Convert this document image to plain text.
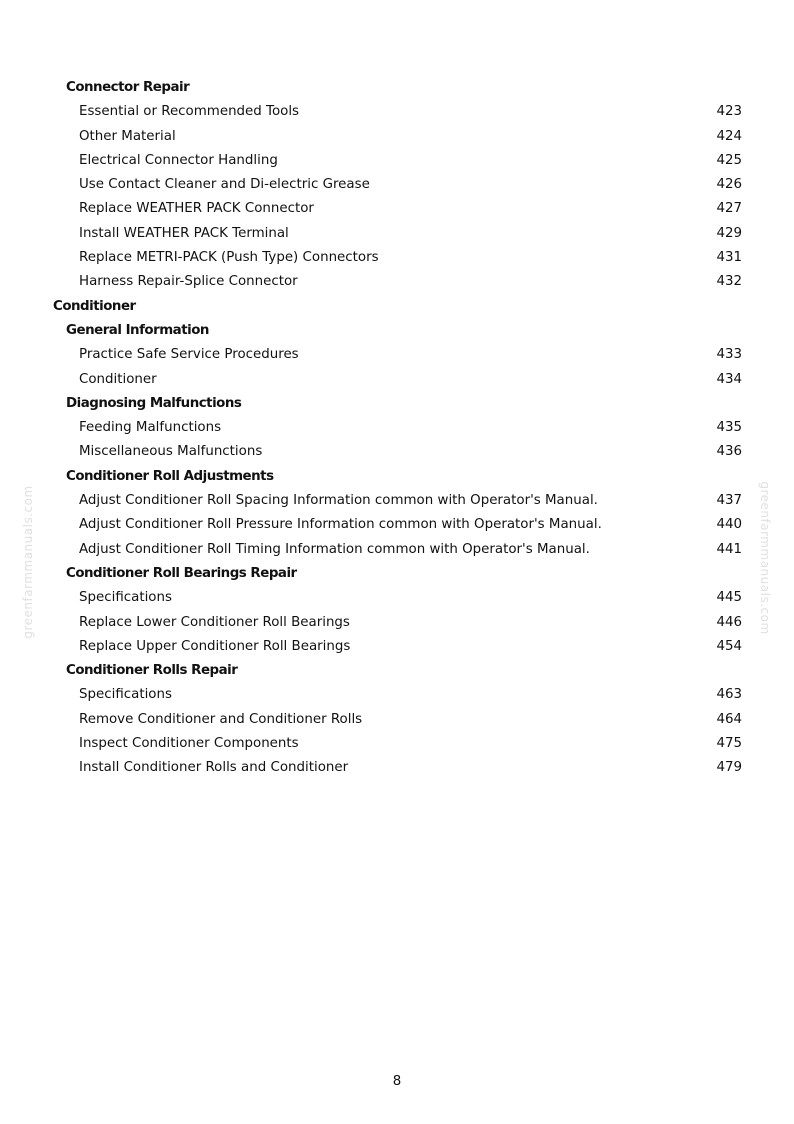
Connector Repair
Essential or Recommended Tools	423
Other Material	424
Electrical Connector Handling	425
Use Contact Cleaner and Di-electric Grease	426
Replace WEATHER PACK Connector	427
Install WEATHER PACK Terminal	429
Replace METRI-PACK (Push Type) Connectors	431
Harness Repair-Splice Connector	432
Conditioner
General Information
Practice Safe Service Procedures	433
Conditioner	434
Diagnosing Malfunctions
Feeding Malfunctions	435
Miscellaneous Malfunctions	436
Conditioner Roll Adjustments
Adjust Conditioner Roll Spacing Information common with Operator's Manual.	437
Adjust Conditioner Roll Pressure Information common with Operator's Manual.	440
Adjust Conditioner Roll Timing Information common with Operator's Manual.	441
Conditioner Roll Bearings Repair
Specifications	445
Replace Lower Conditioner Roll Bearings	446
Replace Upper Conditioner Roll Bearings	454
Conditioner Rolls Repair
Specifications	463
Remove Conditioner and Conditioner Rolls	464
Inspect Conditioner Components	475
Install Conditioner Rolls and Conditioner	479
greenfarmmanuals.com	greenfarmmanuals.com
8
